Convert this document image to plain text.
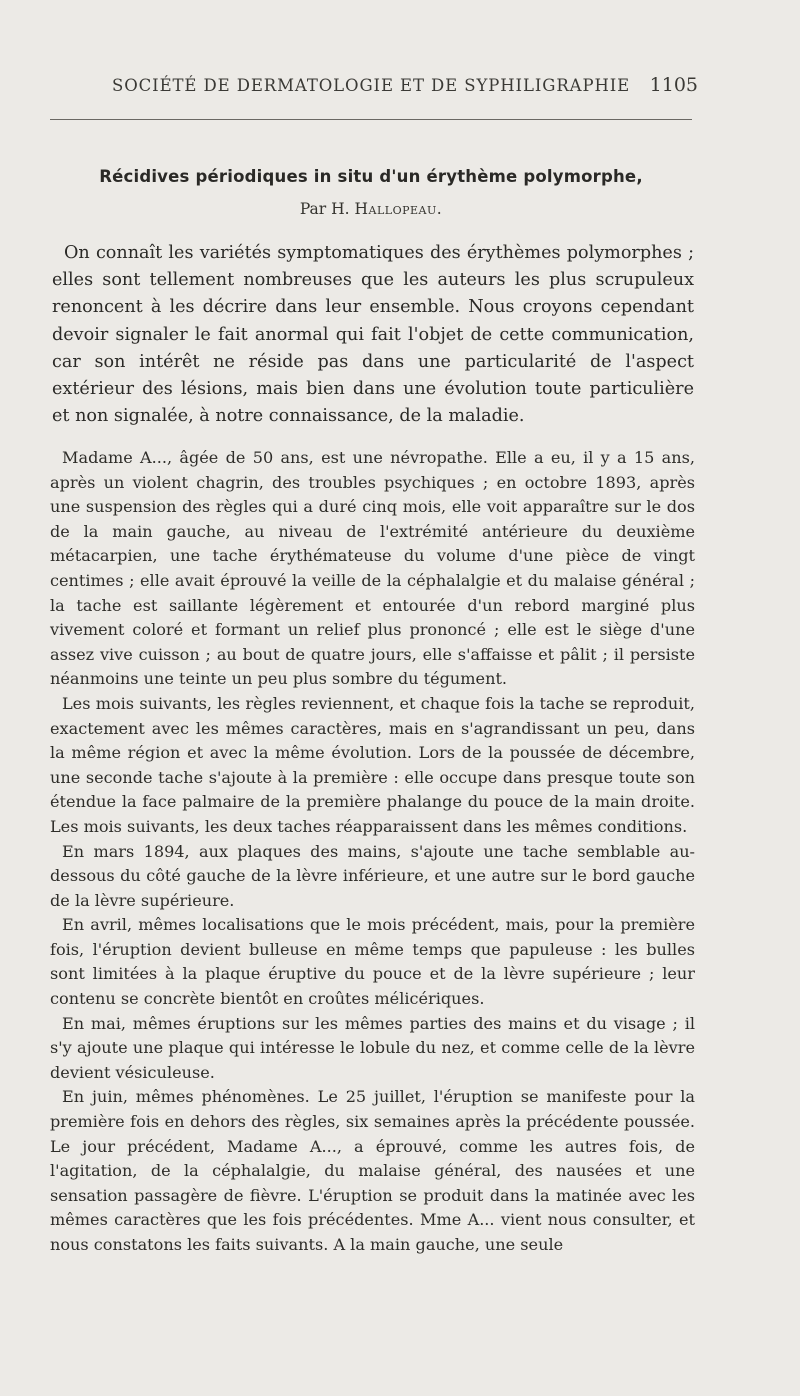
SOCIÉTÉ DE DERMATOLOGIE ET DE SYPHILIGRAPHIE 1105
Récidives périodiques in situ d'un érythème polymorphe,
Par H. Hallopeau.

On connaît les variétés symptomatiques des érythèmes polymorphes ; elles sont tellement nombreuses que les auteurs les plus scrupuleux renoncent à les décrire dans leur ensemble. Nous croyons cependant devoir signaler le fait anormal qui fait l'objet de cette communication, car son intérêt ne réside pas dans une particularité de l'aspect extérieur des lésions, mais bien dans une évolution toute particulière et non signalée, à notre connaissance, de la maladie.

Madame A..., âgée de 50 ans, est une névropathe. Elle a eu, il y a 15 ans, après un violent chagrin, des troubles psychiques ; en octobre 1893, après une suspension des règles qui a duré cinq mois, elle voit apparaître sur le dos de la main gauche, au niveau de l'extrémité antérieure du deuxième métacarpien, une tache érythémateuse du volume d'une pièce de vingt centimes ; elle avait éprouvé la veille de la céphalalgie et du malaise général ; la tache est saillante légèrement et entourée d'un rebord marginé plus vivement coloré et formant un relief plus prononcé ; elle est le siège d'une assez vive cuisson ; au bout de quatre jours, elle s'affaisse et pâlit ; il persiste néanmoins une teinte un peu plus sombre du tégument.

Les mois suivants, les règles reviennent, et chaque fois la tache se reproduit, exactement avec les mêmes caractères, mais en s'agrandissant un peu, dans la même région et avec la même évolution. Lors de la poussée de décembre, une seconde tache s'ajoute à la première : elle occupe dans presque toute son étendue la face palmaire de la première phalange du pouce de la main droite. Les mois suivants, les deux taches réapparaissent dans les mêmes conditions.

En mars 1894, aux plaques des mains, s'ajoute une tache semblable au-dessous du côté gauche de la lèvre inférieure, et une autre sur le bord gauche de la lèvre supérieure.

En avril, mêmes localisations que le mois précédent, mais, pour la première fois, l'éruption devient bulleuse en même temps que papuleuse : les bulles sont limitées à la plaque éruptive du pouce et de la lèvre supérieure ; leur contenu se concrète bientôt en croûtes mélicériques.

En mai, mêmes éruptions sur les mêmes parties des mains et du visage ; il s'y ajoute une plaque qui intéresse le lobule du nez, et comme celle de la lèvre devient vésiculeuse.

En juin, mêmes phénomènes. Le 25 juillet, l'éruption se manifeste pour la première fois en dehors des règles, six semaines après la précédente poussée. Le jour précédent, Madame A..., a éprouvé, comme les autres fois, de l'agitation, de la céphalalgie, du malaise général, des nausées et une sensation passagère de fièvre. L'éruption se produit dans la matinée avec les mêmes caractères que les fois précédentes. Mme A... vient nous consulter, et nous constatons les faits suivants. A la main gauche, une seule
